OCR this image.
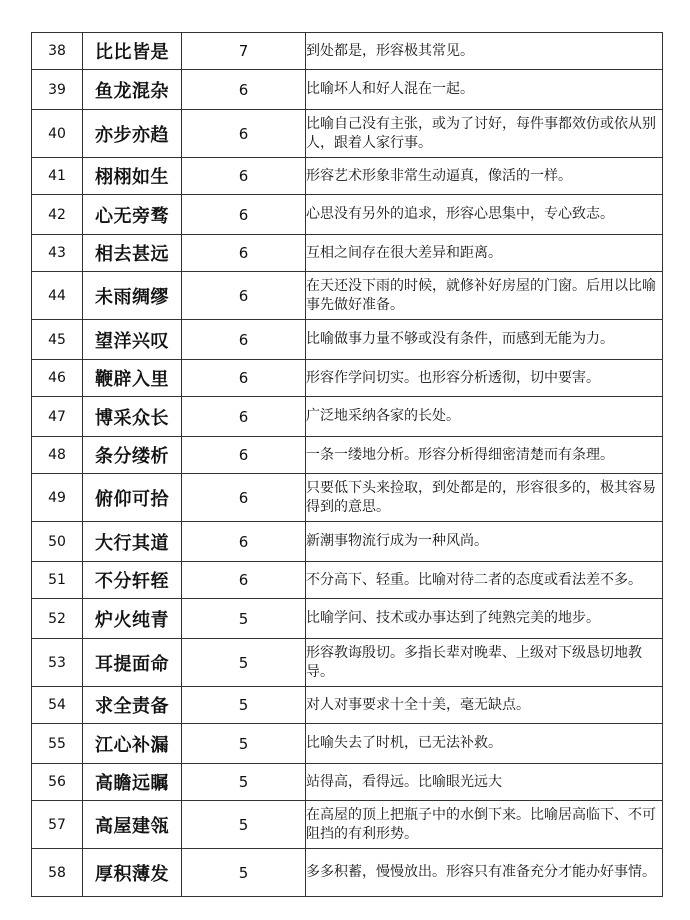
38	比比皆是	7	到处都是，形容极其常见。
39	鱼龙混杂	6	比喻坏人和好人混在一起。
40	亦步亦趋	6	比喻自己没有主张，或为了讨好，每件事都效仿或依从别人，跟着人家行事。
41	栩栩如生	6	形容艺术形象非常生动逼真，像活的一样。
42	心无旁骛	6	心思没有另外的追求，形容心思集中，专心致志。
43	相去甚远	6	互相之间存在很大差异和距离。
44	未雨绸缪	6	在天还没下雨的时候，就修补好房屋的门窗。后用以比喻事先做好准备。
45	望洋兴叹	6	比喻做事力量不够或没有条件，而感到无能为力。
46	鞭辟入里	6	形容作学问切实。也形容分析透彻，切中要害。
47	博采众长	6	广泛地采纳各家的长处。
48	条分缕析	6	一条一缕地分析。形容分析得细密清楚而有条理。
49	俯仰可拾	6	只要低下头来捡取，到处都是的，形容很多的，极其容易得到的意思。
50	大行其道	6	新潮事物流行成为一种风尚。
51	不分轩轾	6	不分高下、轻重。比喻对待二者的态度或看法差不多。
52	炉火纯青	5	比喻学问、技术或办事达到了纯熟完美的地步。
53	耳提面命	5	形容教诲殷切。多指长辈对晚辈、上级对下级恳切地教导。
54	求全责备	5	对人对事要求十全十美，毫无缺点。
55	江心补漏	5	比喻失去了时机，已无法补救。
56	高瞻远瞩	5	站得高，看得远。比喻眼光远大
57	高屋建瓴	5	在高屋的顶上把瓶子中的水倒下来。比喻居高临下、不可阻挡的有利形势。
58	厚积薄发	5	多多积蓄，慢慢放出。形容只有准备充分才能办好事情。
